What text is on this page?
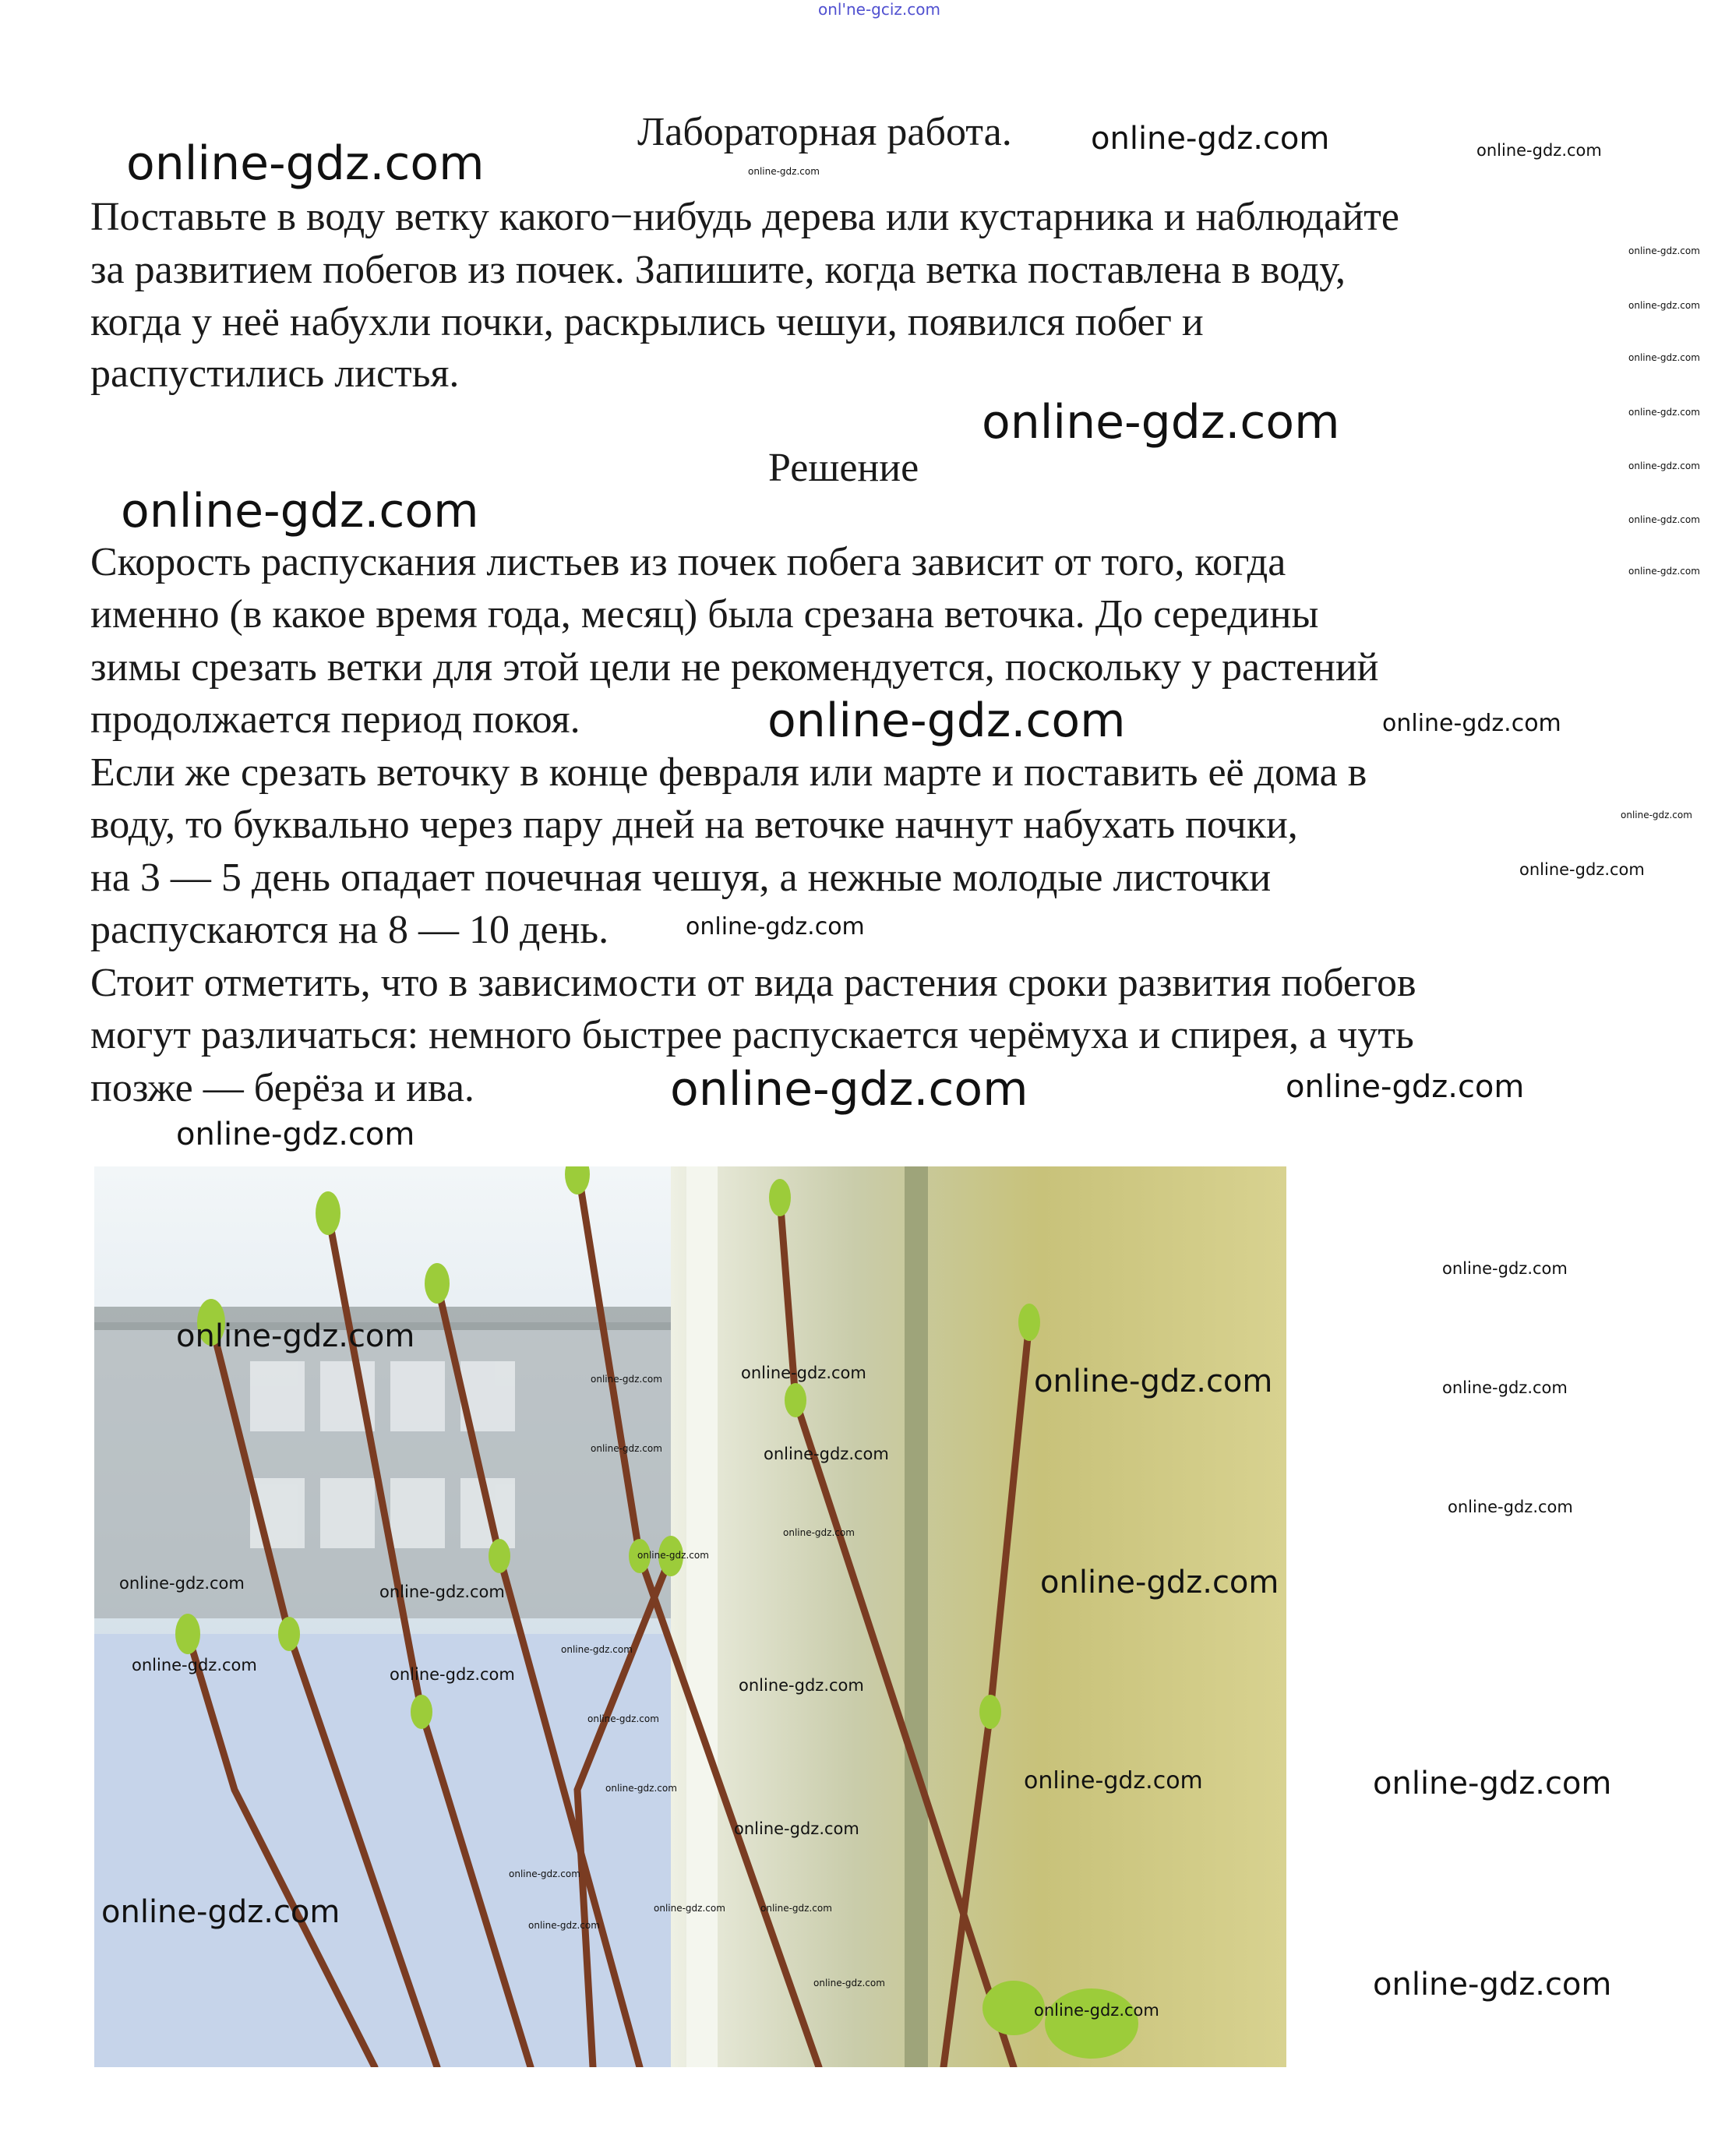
onl'ne-gciz.com
Лабораторная работа.
Поставьте в воду ветку какого−нибудь дерева или кустарника и наблюдайте
за развитием побегов из почек. Запишите, когда ветка поставлена в воду,
когда у неё набухли почки, раскрылись чешуи, появился побег и
распустились листья.
Решение
Скорость распускания листьев из почек побега зависит от того, когда
именно (в какое время года, месяц) была срезана веточка. До середины
зимы срезать ветки для этой цели не рекомендуется, поскольку у растений
продолжается период покоя.
Если же срезать веточку в конце февраля или марте и поставить её дома в
воду, то буквально через пару дней на веточке начнут набухать почки,
на 3 — 5 день опадает почечная чешуя, а нежные молодые листочки
распускаются на 8 — 10 день.
Стоит отметить, что в зависимости от вида растения сроки развития побегов
могут различаться: немного быстрее распускается черёмуха и спирея, а чуть
позже — берёза и ива.
online-gdz.com	online-gdz.com
online-gdz.com
online-gdz.com
online-gdz.com
online-gdz.com
online-gdz.com
online-gdz.com
online-gdz.com
online-gdz.com
online-gdz.com
online-gdz.com
online-gdz.com
online-gdz.com	online-gdz.com
online-gdz.com
online-gdz.com
online-gdz.com
online-gdz.com	online-gdz.com
online-gdz.com
online-gdz.com
online-gdz.com
online-gdz.com	online-gdz.com	online-gdz.com
online-gdz.com	online-gdz.com
online-gdz.com
online-gdz.com
online-gdz.com	online-gdz.com	online-gdz.com
online-gdz.com
online-gdz.com
online-gdz.com
online-gdz.com
online-gdz.com
online-gdz.com
online-gdz.com
online-gdz.com	online-gdz.com
online-gdz.com
online-gdz.com
online-gdz.com
online-gdz.com
online-gdz.com	online-gdz.com
online-gdz.com
online-gdz.com
online-gdz.com
online-gdz.com
